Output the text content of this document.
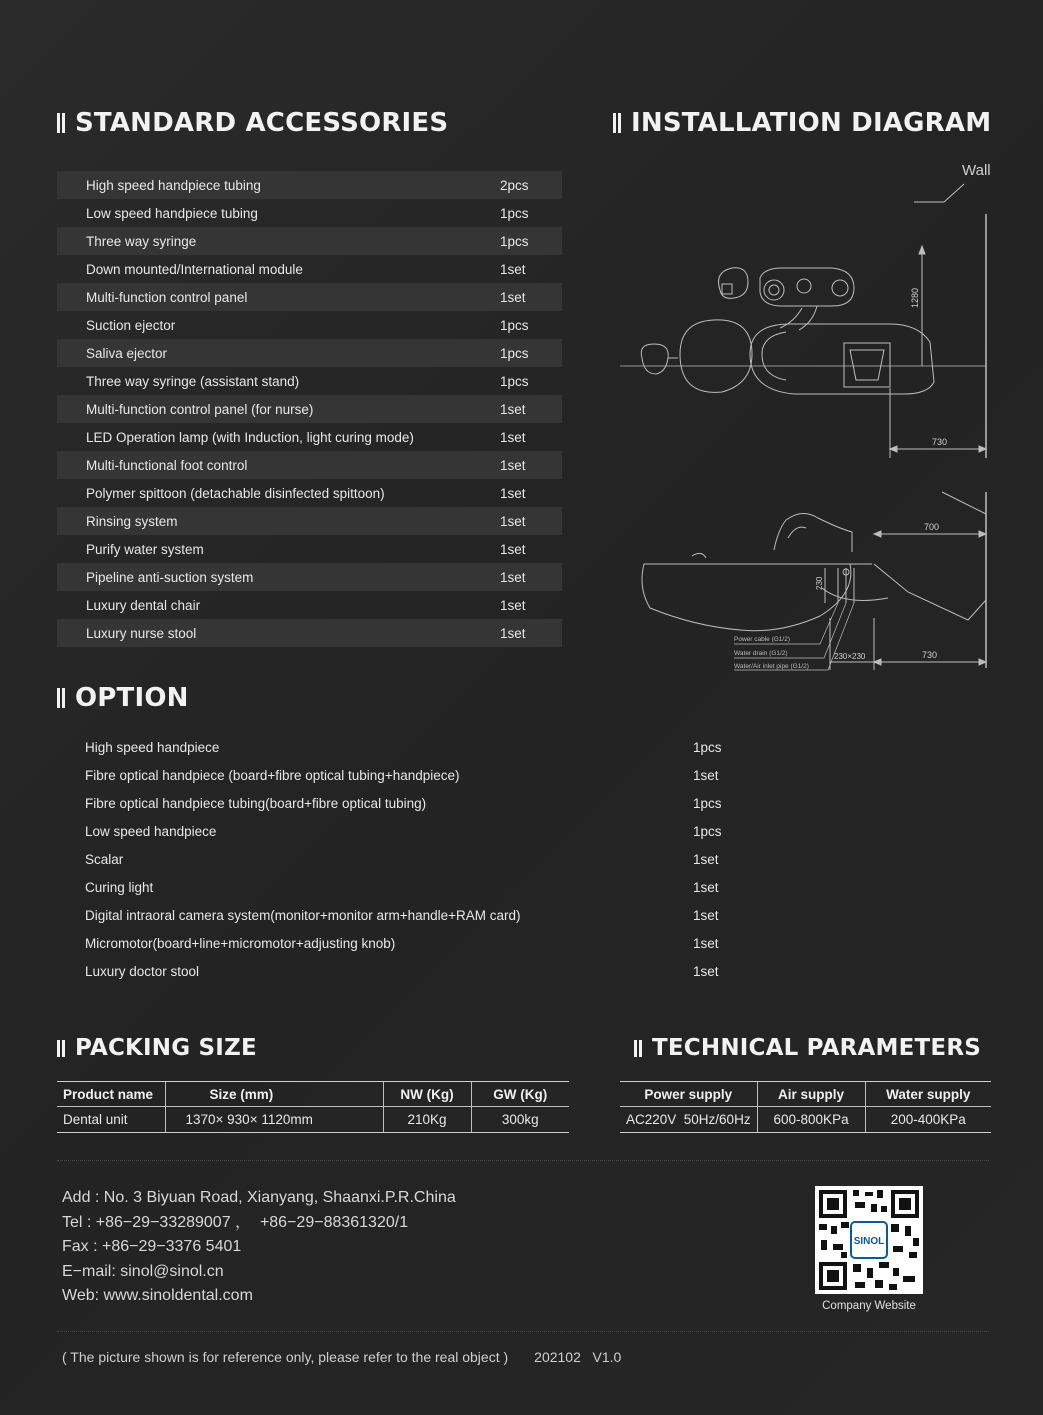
STANDARD ACCESSORIES
High speed handpiece tubing	2pcs
Low speed handpiece tubing	1pcs
Three way syringe	1pcs
Down mounted/International module	1set
Multi-function control panel	1set
Suction ejector	1pcs
Saliva ejector	1pcs
Three way syringe (assistant stand)	1pcs
Multi-function control panel (for nurse)	1set
LED Operation lamp (with Induction, light curing mode)	1set
Multi-functional foot control	1set
Polymer spittoon (detachable disinfected spittoon)	1set
Rinsing system	1set
Purify water system	1set
Pipeline anti-suction system	1set
Luxury dental chair	1set
Luxury nurse stool	1set
INSTALLATION DIAGRAM
Wall
1280
730
700
230
Power cable (G1/2)
Water drain (G1/2)
Water/Air inlet pipe (G1/2)
230×230	730
OPTION
High speed handpiece	1pcs
Fibre optical handpiece (board+fibre optical tubing+handpiece)	1set
Fibre optical handpiece tubing(board+fibre optical tubing)	1pcs
Low speed handpiece	1pcs
Scalar	1set
Curing light	1set
Digital intraoral camera system(monitor+monitor arm+handle+RAM card)	1set
Micromotor(board+line+micromotor+adjusting knob)	1set
Luxury doctor stool	1set
PACKING SIZE
Product name	Size (mm)	NW (Kg)	GW (Kg)
Dental unit	1370× 930× 1120mm	210Kg	300kg
TECHNICAL PARAMETERS
Power supply	Air supply	Water supply
AC220V  50Hz/60Hz	600-800KPa	200-400KPa
Add : No. 3 Biyuan Road, Xianyang, Shaanxi.P.R.China
Tel : +86−29−33289007 ，  +86−29−88361320/1
Fax : +86−29−3376 5401
E−mail: sinol@sinol.cn
Web: www.sinoldental.com
SINOL
Company Website
( The picture shown is for reference only, please refer to the real object ) 202102   V1.0
